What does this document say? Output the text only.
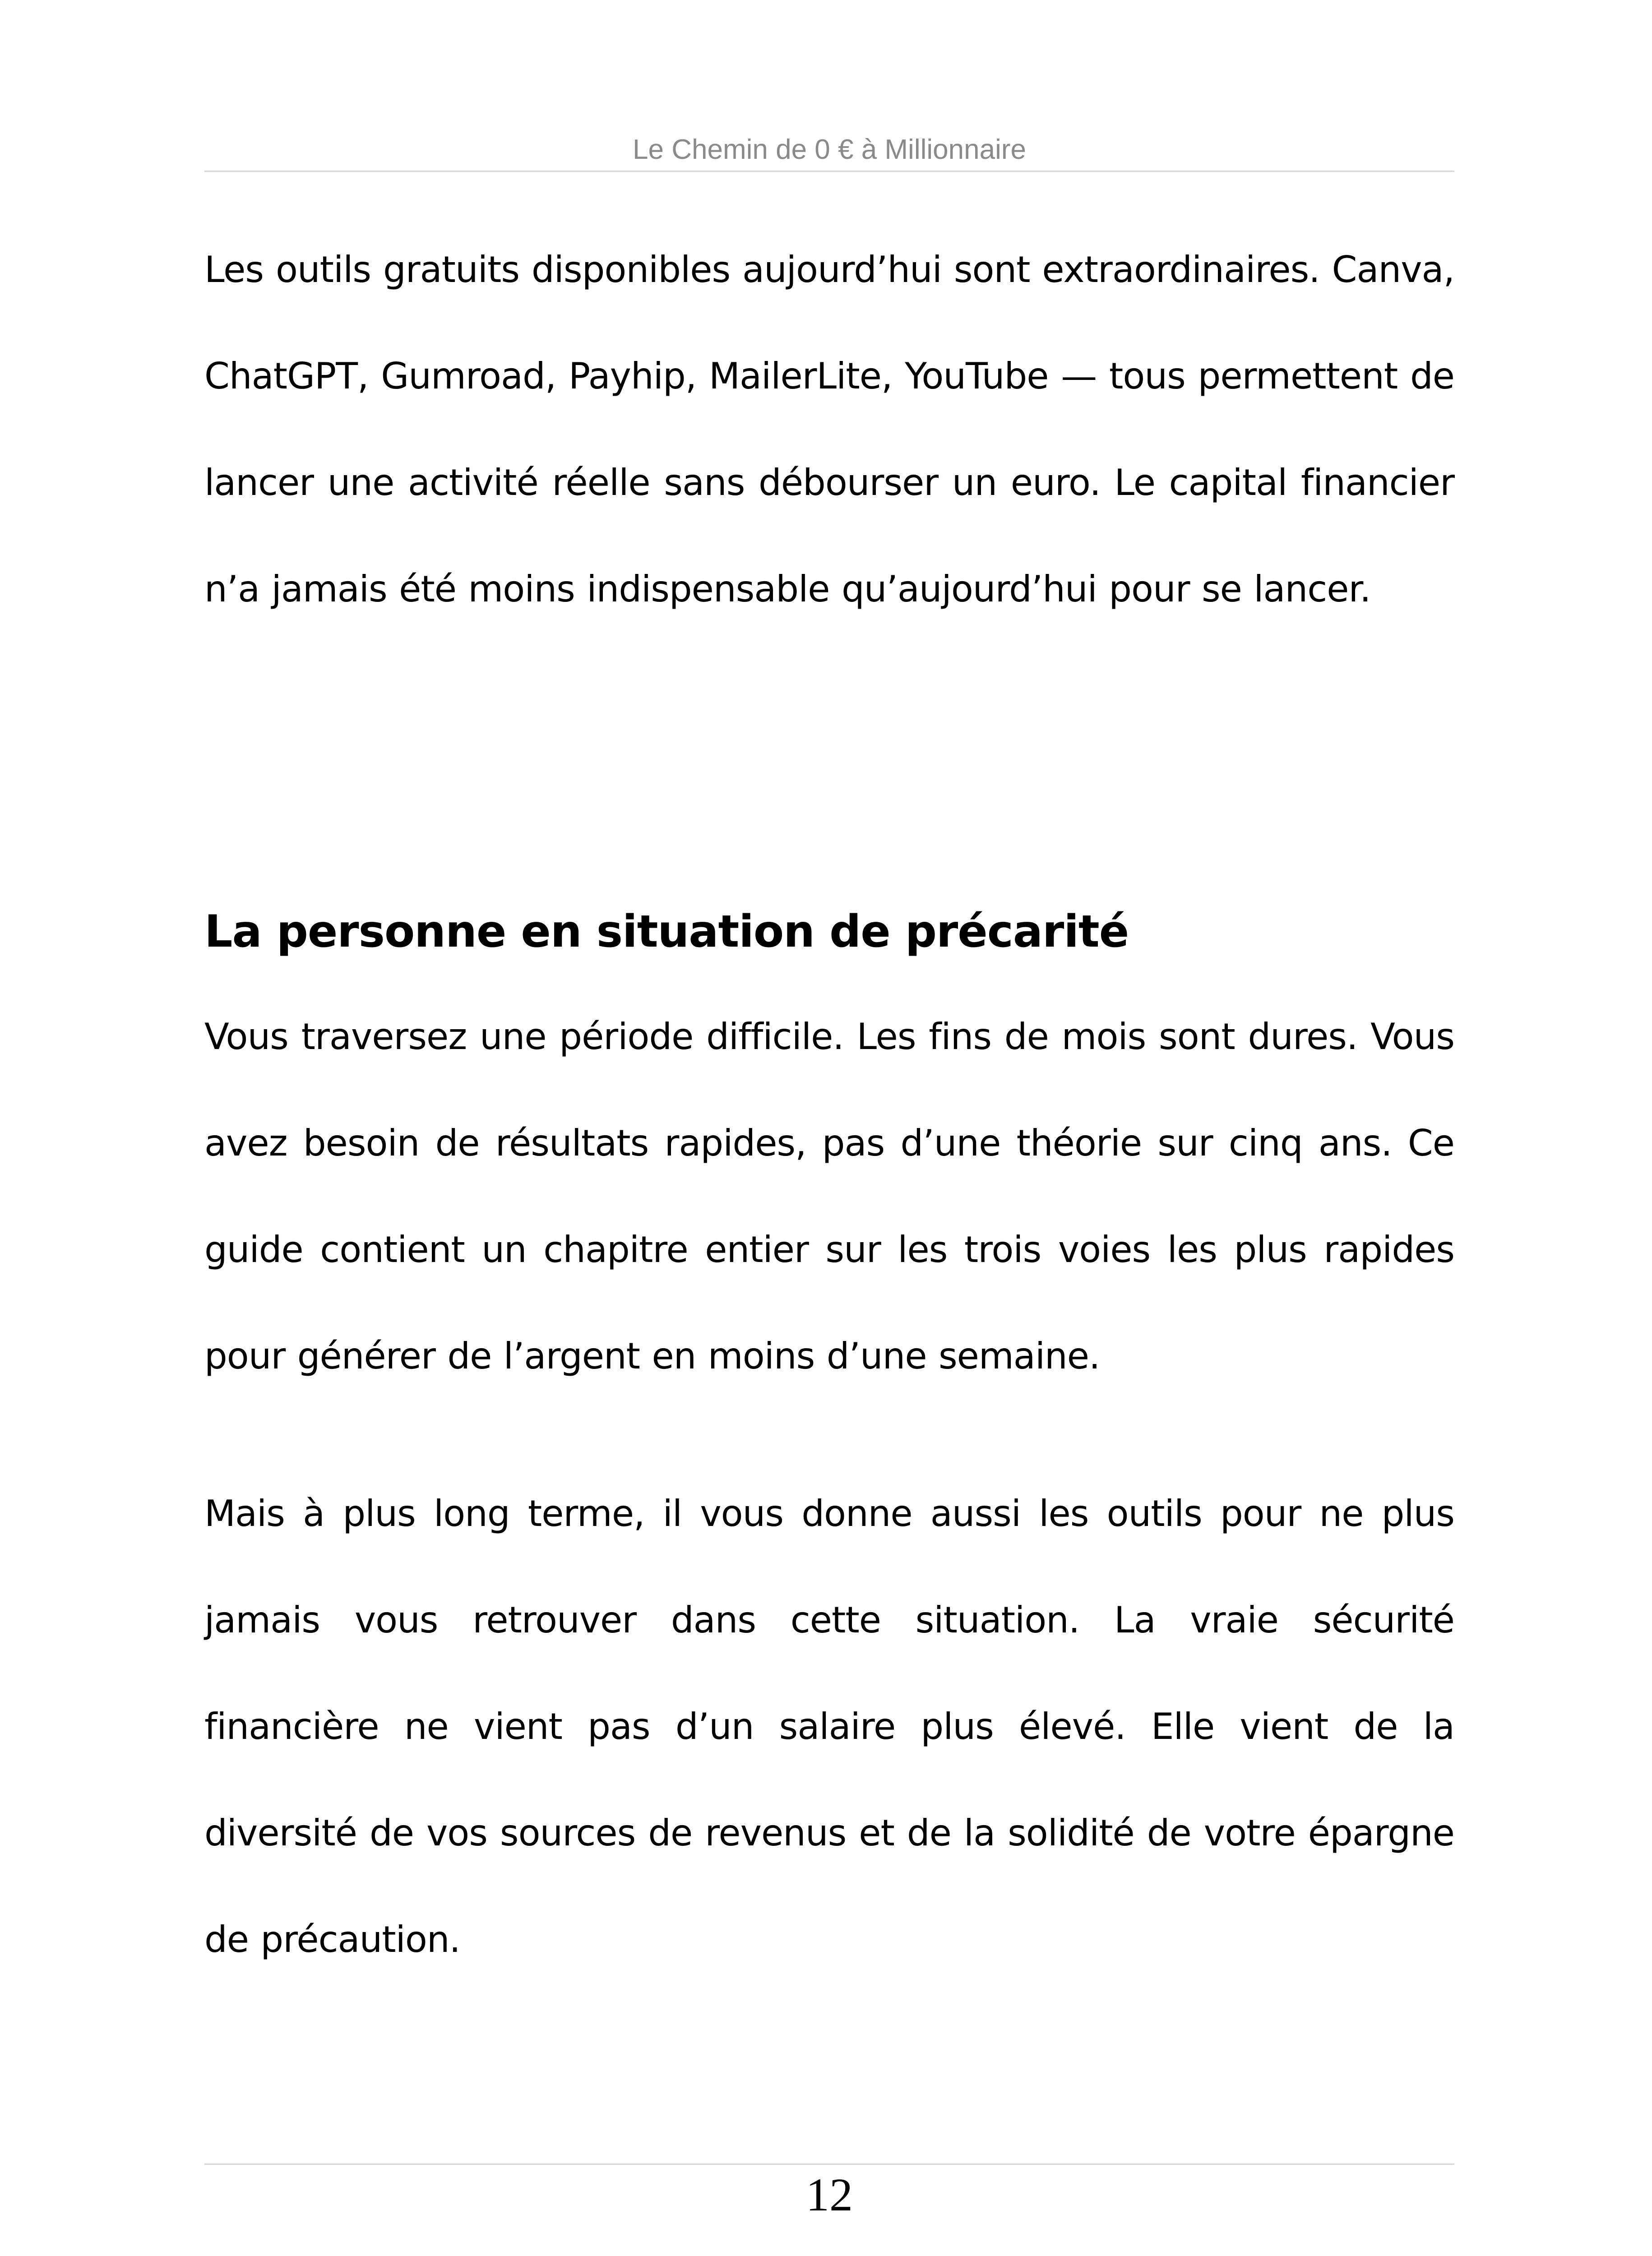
Le Chemin de 0 € à Millionnaire

Les outils gratuits disponibles aujourd’hui sont extraordinaires. Canva, ChatGPT, Gumroad, Payhip, MailerLite, YouTube — tous permettent de lancer une activité réelle sans débourser un euro. Le capital financier n’a jamais été moins indispensable qu’aujourd’hui pour se lancer.

La personne en situation de précarité

Vous traversez une période difficile. Les fins de mois sont dures. Vous avez besoin de résultats rapides, pas d’une théorie sur cinq ans. Ce guide contient un chapitre entier sur les trois voies les plus rapides pour générer de l’argent en moins d’une semaine.

Mais à plus long terme, il vous donne aussi les outils pour ne plus jamais vous retrouver dans cette situation. La vraie sécurité financière ne vient pas d’un salaire plus élevé. Elle vient de la diversité de vos sources de revenus et de la solidité de votre épargne de précaution.

12
